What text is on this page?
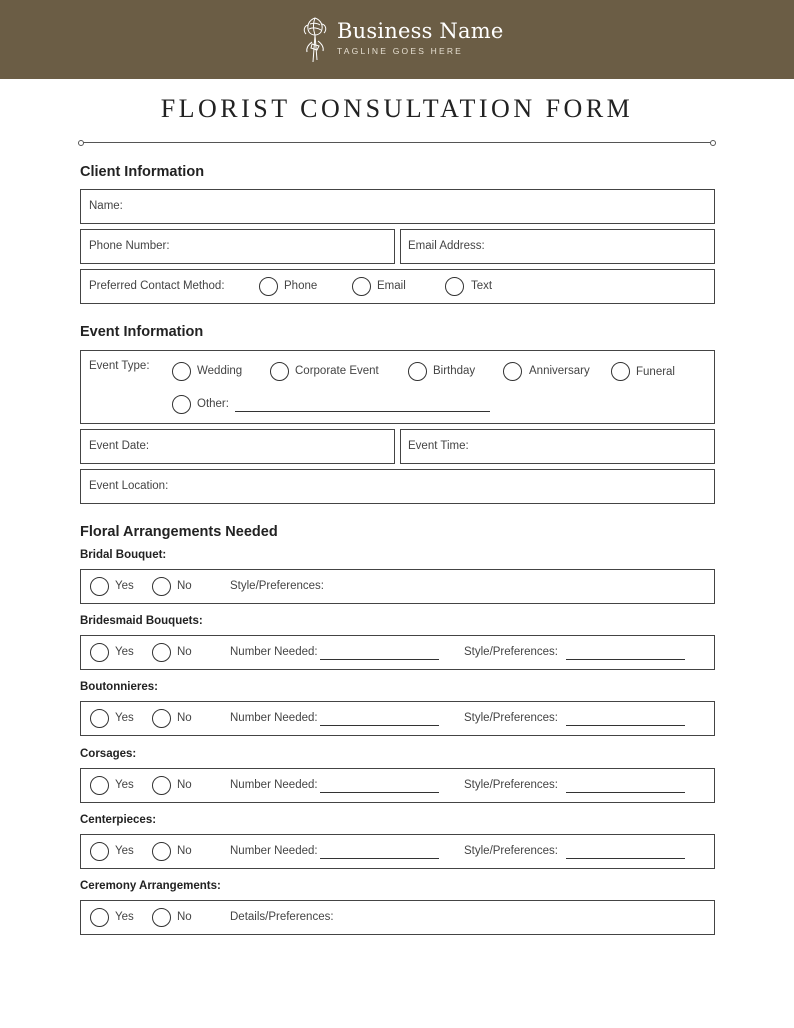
Business Name
TAGLINE GOES HERE
FLORIST CONSULTATION FORM
Client Information
Name:
Phone Number:	Email Address:
Preferred Contact Method:	Phone	Email	Text
Event Information
Event Type:	Wedding	Corporate Event	Birthday	Anniversary	Funeral
Other:
Event Date:	Event Time:
Event Location:
Floral Arrangements Needed
Bridal Bouquet:
Yes	No	Style/Preferences:
Bridesmaid Bouquets:
Yes	No	Number Needed:	Style/Preferences:
Boutonnieres:
Yes	No	Number Needed:	Style/Preferences:
Corsages:
Yes	No	Number Needed:	Style/Preferences:
Centerpieces:
Yes	No	Number Needed:	Style/Preferences:
Ceremony Arrangements:
Yes	No	Details/Preferences:
